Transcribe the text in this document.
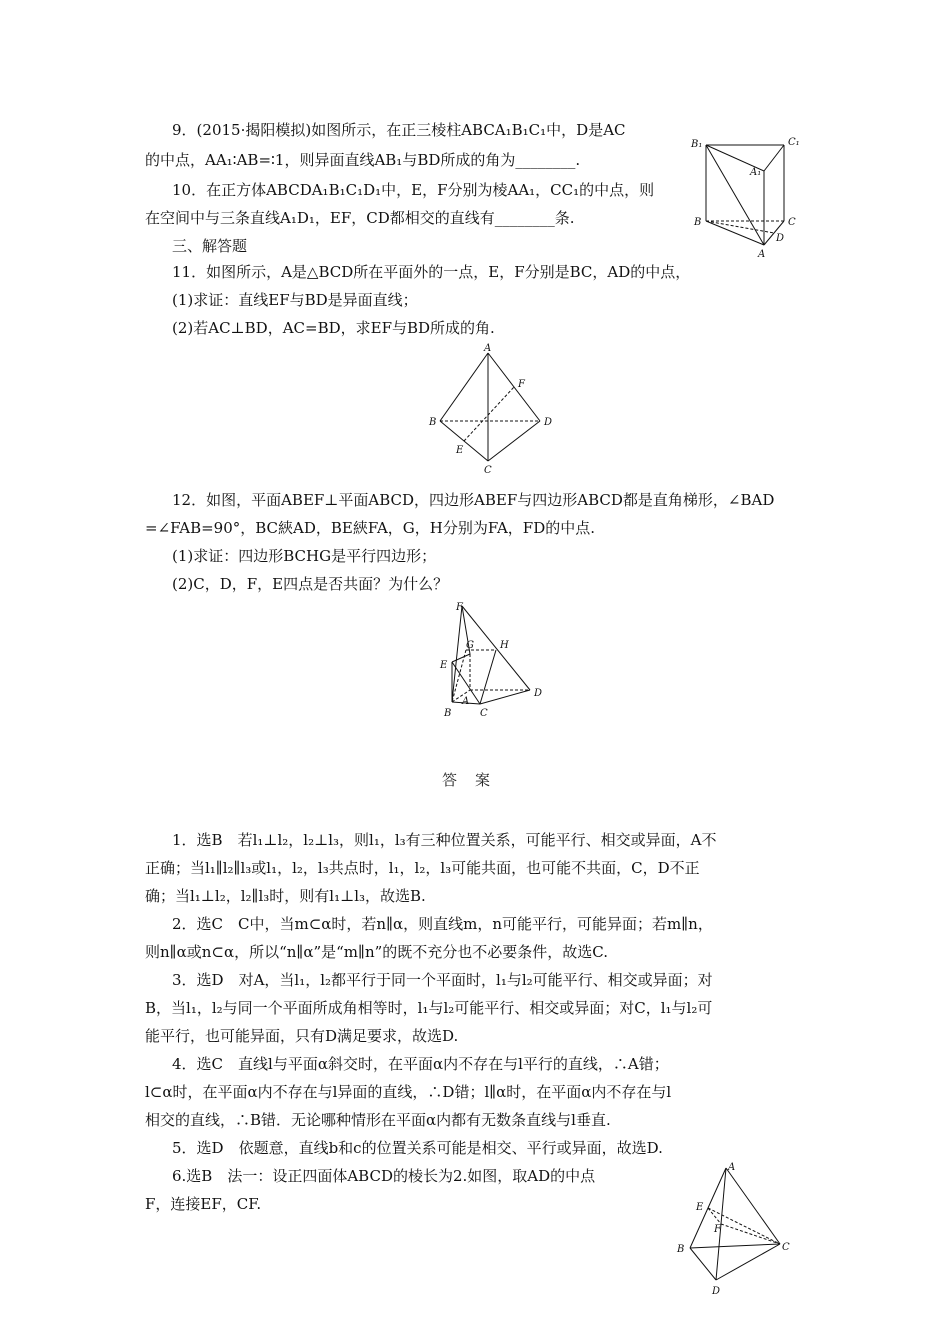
9．(2015·揭阳模拟)如图所示，在正三棱柱ABCA₁B₁C₁中，D是AC
的中点，AA₁∶AB=∶1，则异面直线AB₁与BD所成的角为________.
10．在正方体ABCDA₁B₁C₁D₁中，E，F分别为棱AA₁，CC₁的中点，则
在空间中与三条直线A₁D₁，EF，CD都相交的直线有________条.
三、解答题
11．如图所示，A是△BCD所在平面外的一点，E，F分别是BC，AD的中点，
(1)求证：直线EF与BD是异面直线；
(2)若AC⊥BD，AC=BD，求EF与BD所成的角.
B₁	C₁
A₁
B	C
D
A
A
F
B	D
E
C
12．如图，平面ABEF⊥平面ABCD，四边形ABEF与四边形ABCD都是直角梯形，∠BAD
=∠FAB=90°，BC綊AD，BE綊FA，G，H分别为FA，FD的中点.
(1)求证：四边形BCHG是平行四边形；
(2)C，D，F，E四点是否共面？为什么？
F
G	H
E
A
B	C
D
答案
1．选B　若l₁⊥l₂，l₂⊥l₃，则l₁，l₃有三种位置关系，可能平行、相交或异面，A不
正确；当l₁∥l₂∥l₃或l₁，l₂，l₃共点时，l₁，l₂，l₃可能共面，也可能不共面，C，D不正
确；当l₁⊥l₂，l₂∥l₃时，则有l₁⊥l₃，故选B.
2．选C　C中，当m⊂α时，若n∥α，则直线m，n可能平行，可能异面；若m∥n，
则n∥α或n⊂α，所以“n∥α”是“m∥n”的既不充分也不必要条件，故选C.
3．选D　对A，当l₁，l₂都平行于同一个平面时，l₁与l₂可能平行、相交或异面；对
B，当l₁，l₂与同一个平面所成角相等时，l₁与l₂可能平行、相交或异面；对C，l₁与l₂可
能平行，也可能异面，只有D满足要求，故选D.
4．选C　直线l与平面α斜交时，在平面α内不存在与l平行的直线，∴A错；
l⊂α时，在平面α内不存在与l异面的直线，∴D错；l∥α时，在平面α内不存在与l
相交的直线，∴B错．无论哪种情形在平面α内都有无数条直线与l垂直.
5．选D　依题意，直线b和c的位置关系可能是相交、平行或异面，故选D.
6.选B　法一：设正四面体ABCD的棱长为2.如图，取AD的中点
F，连接EF，CF.
A
E
F
B	C
D
